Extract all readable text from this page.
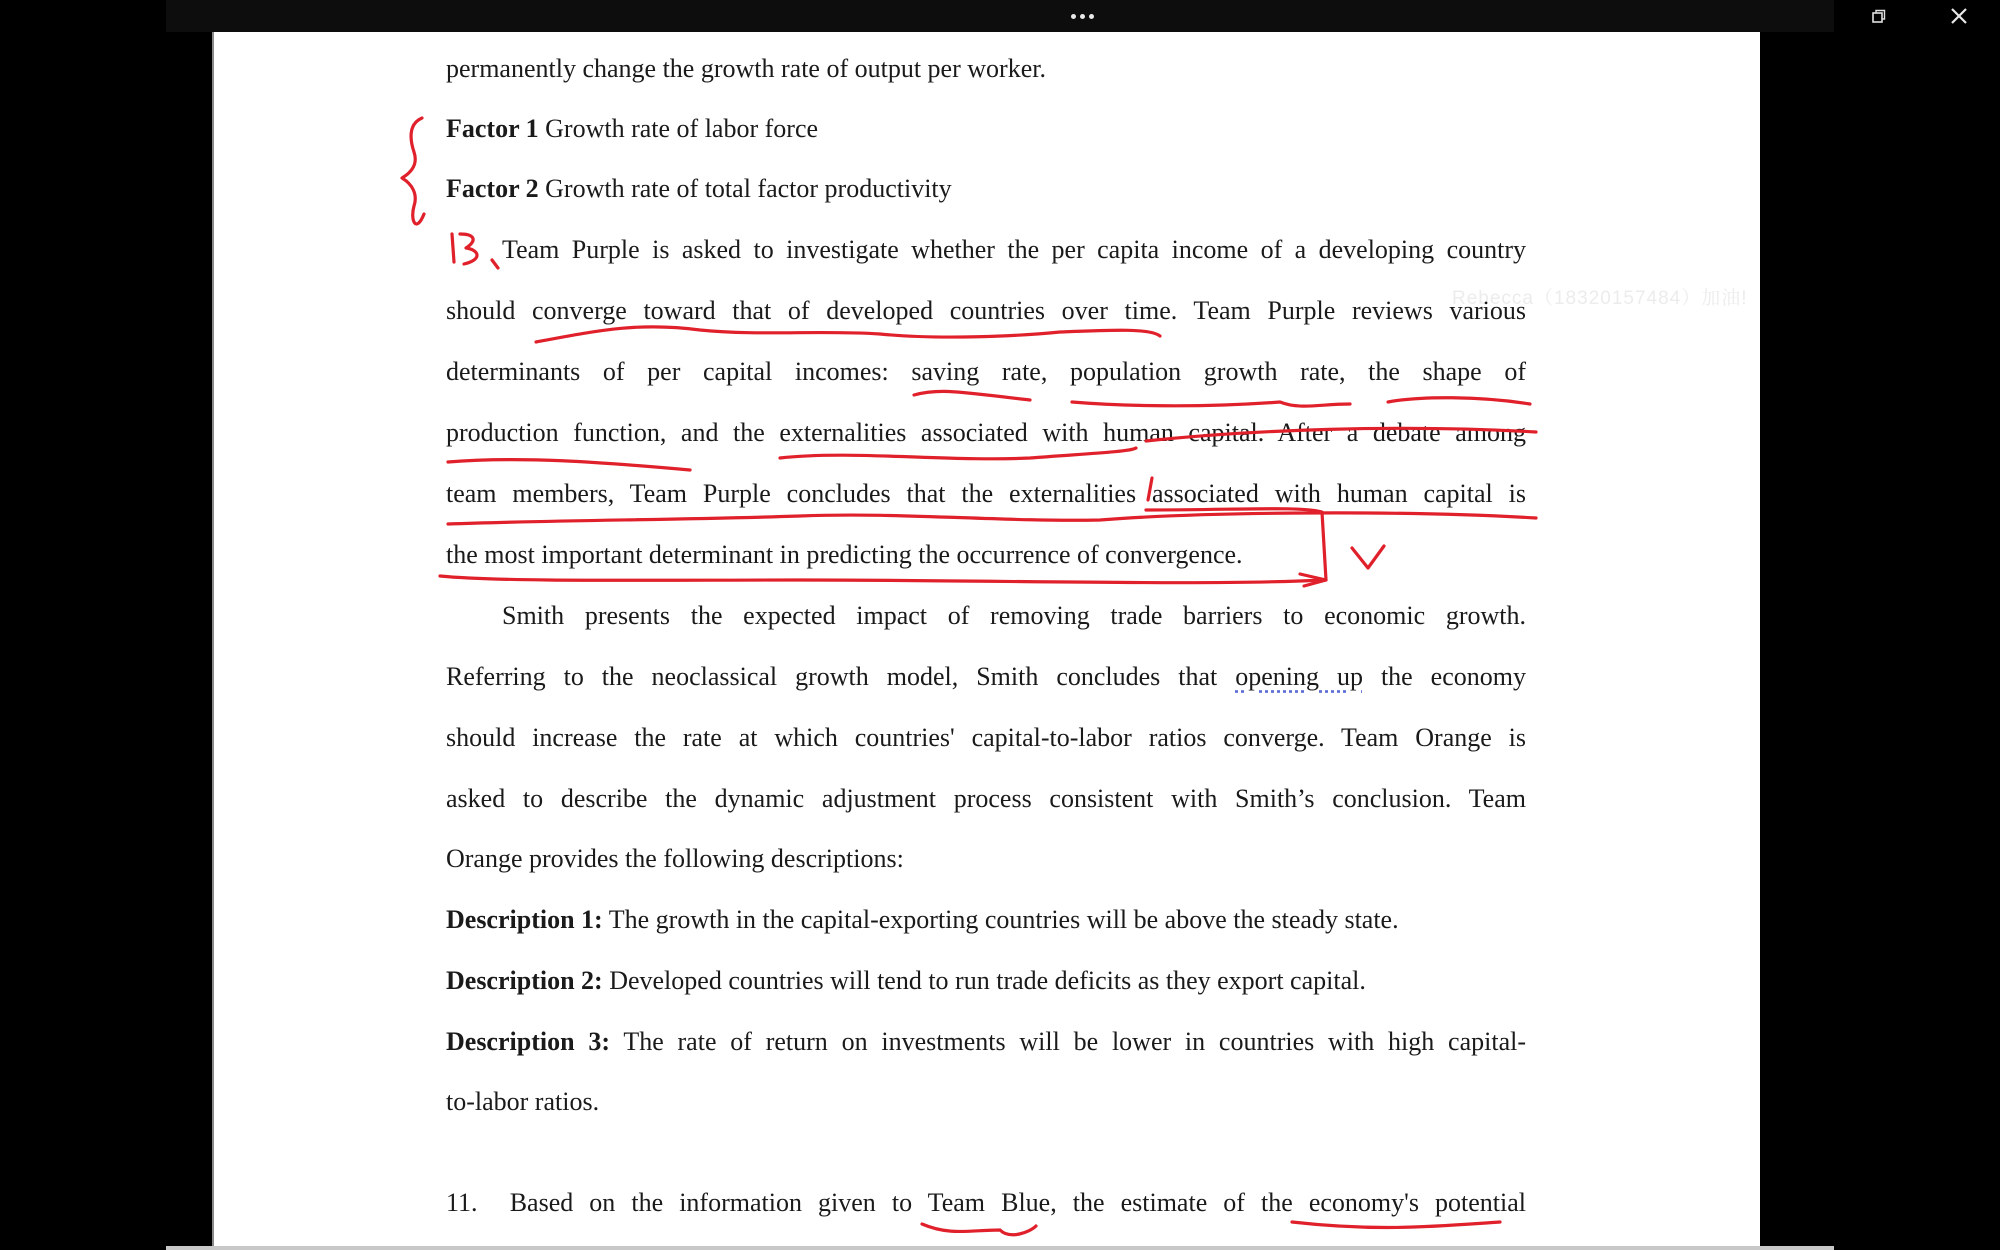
Rebecca（18320157484）加油!
permanently change the growth rate of output per worker.
Factor 1 Growth rate of labor force
Factor 2 Growth rate of total factor productivity
Team Purple is asked to investigate whether the per capita income of a developing country
should converge toward that of developed countries over time. Team Purple reviews various
determinants of per capital incomes: saving rate, population growth rate, the shape of
production function, and the externalities associated with human capital. After a debate among
team members, Team Purple concludes that the externalities associated with human capital is
the most important determinant in predicting the occurrence of convergence.
Smith presents the expected impact of removing trade barriers to economic growth.
Referring to the neoclassical growth model, Smith concludes that opening up the economy
should increase the rate at which countries' capital-to-labor ratios converge. Team Orange is
asked to describe the dynamic adjustment process consistent with Smith’s conclusion. Team
Orange provides the following descriptions:
Description 1: The growth in the capital-exporting countries will be above the steady state.
Description 2: Developed countries will tend to run trade deficits as they export capital.
Description 3: The rate of return on investments will be lower in countries with high capital-
to-labor ratios.
11. Based on the information given to Team Blue, the estimate of the economy's potential
